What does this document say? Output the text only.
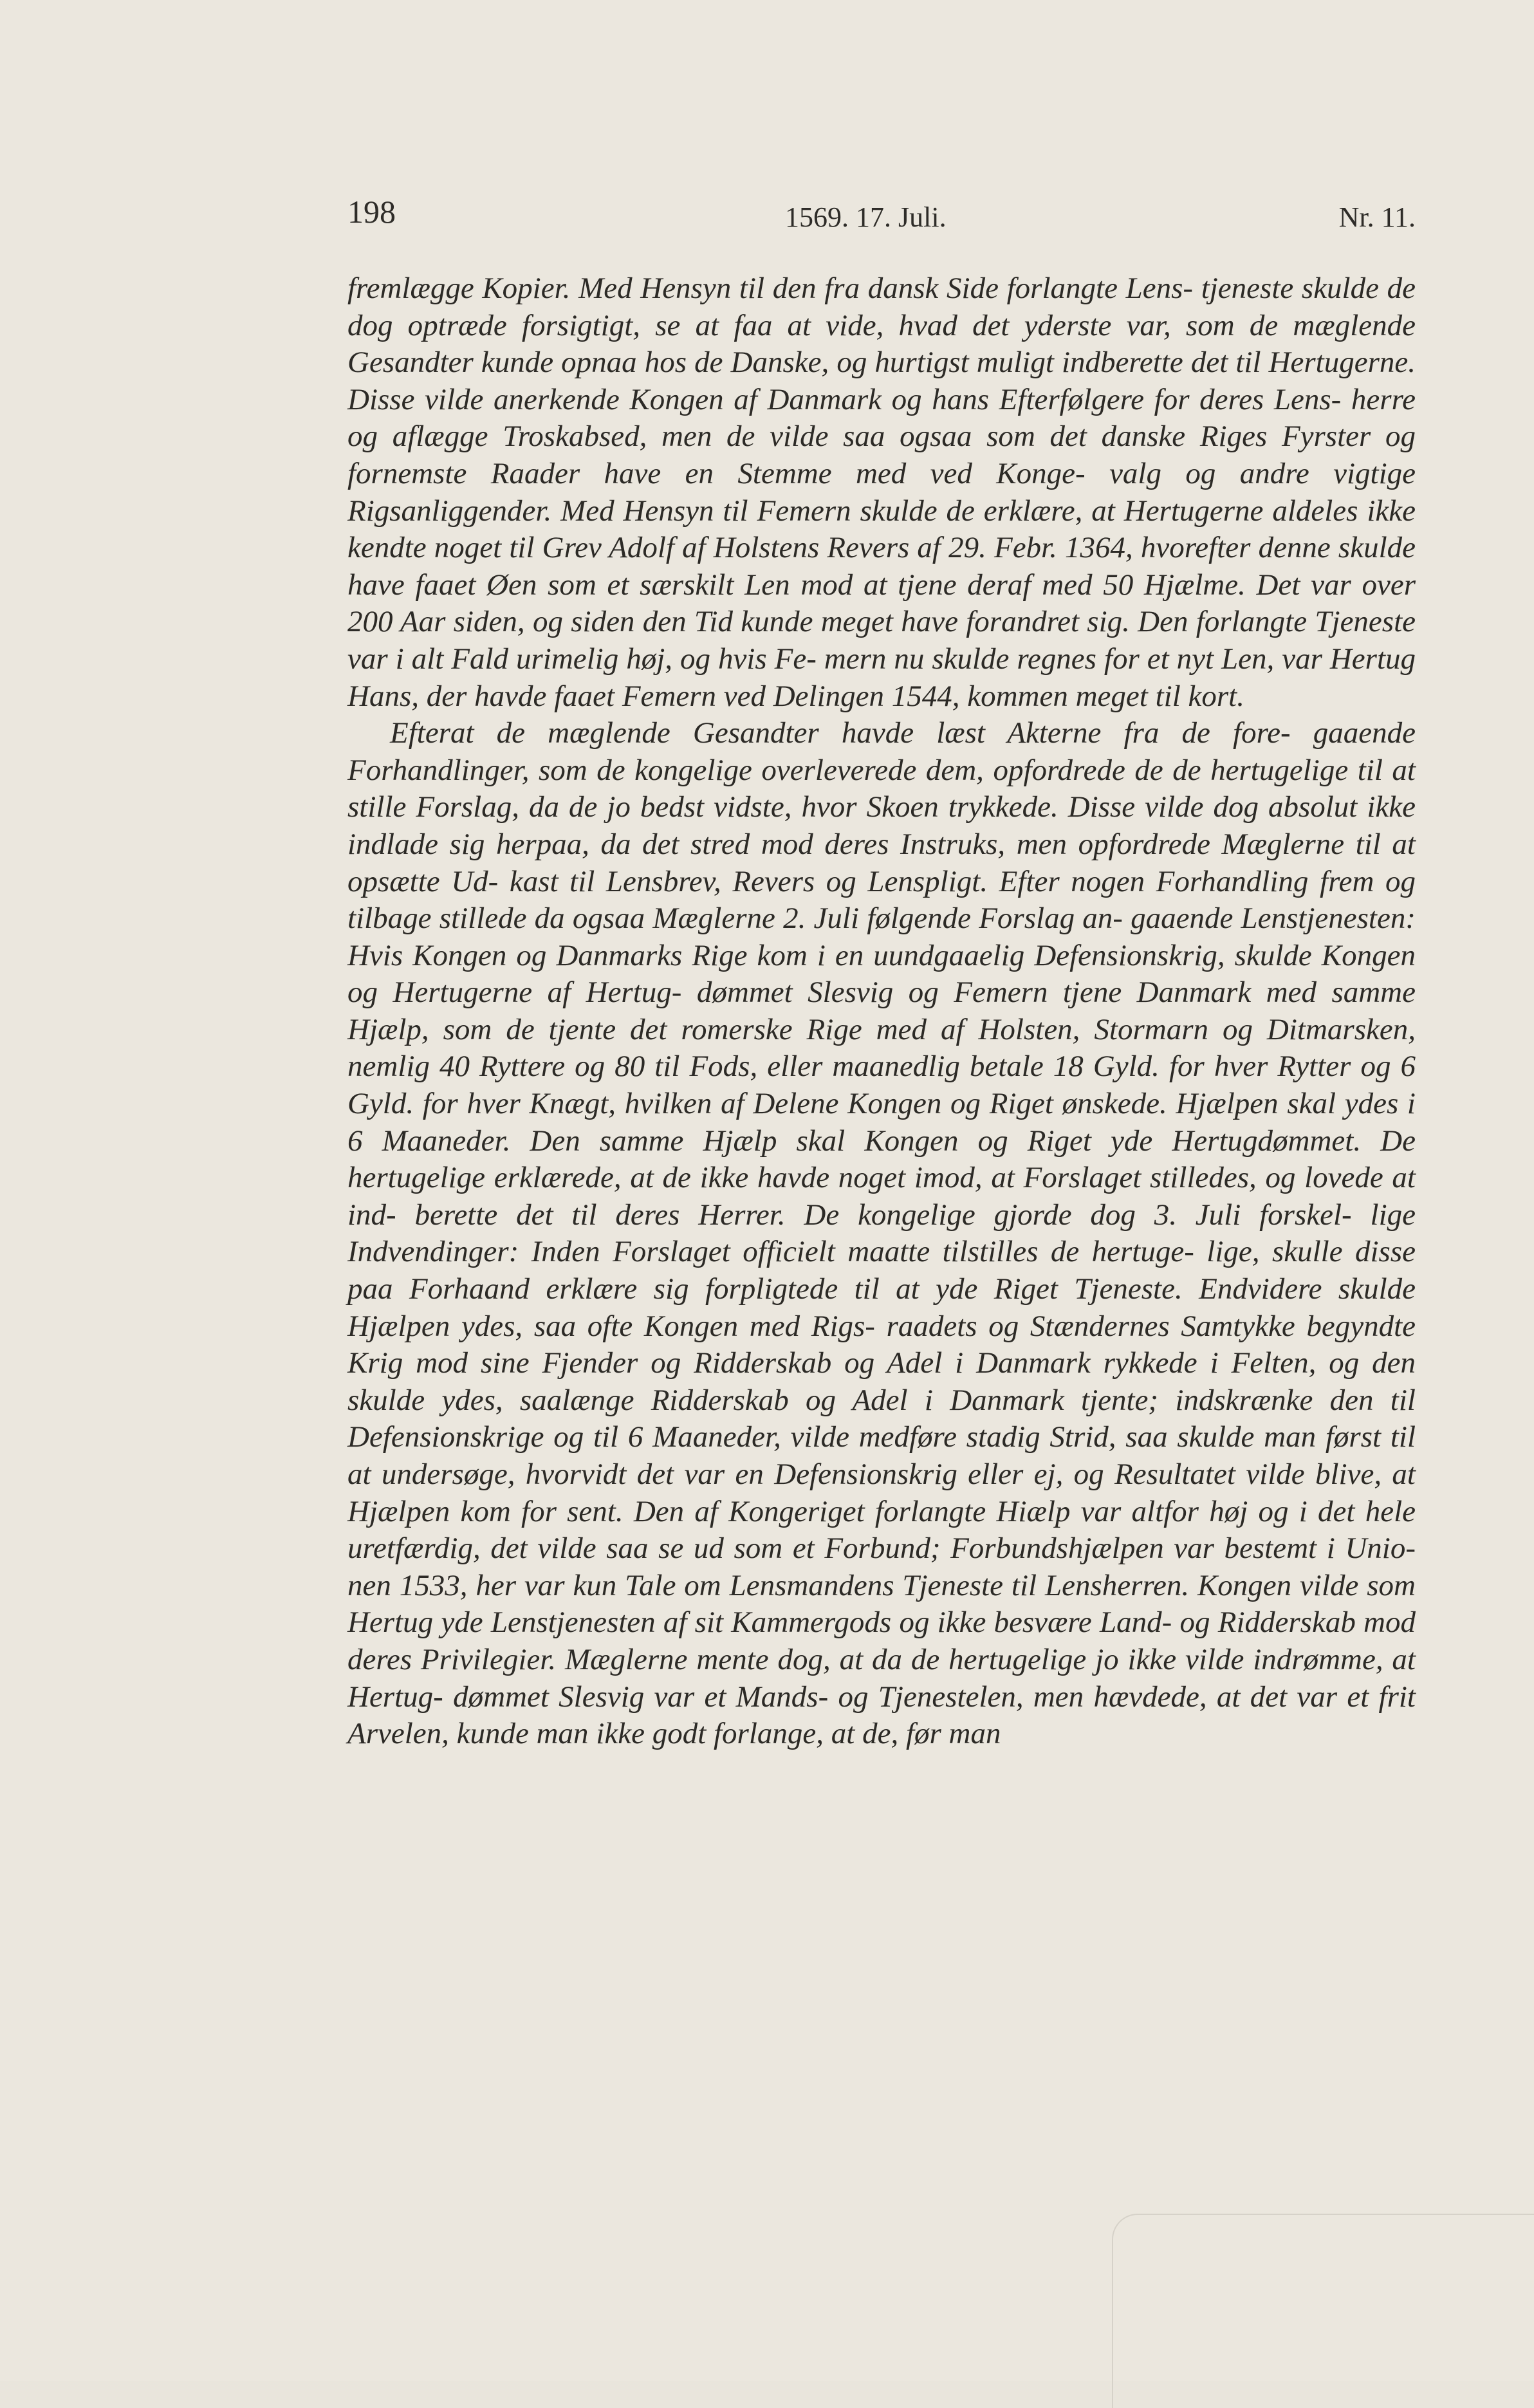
198	1569. 17. Juli.	Nr. 11.

fremlægge Kopier. Med Hensyn til den fra dansk Side forlangte Lens- tjeneste skulde de dog optræde forsigtigt, se at faa at vide, hvad det yderste var, som de mæglende Gesandter kunde opnaa hos de Danske, og hurtigst muligt indberette det til Hertugerne. Disse vilde anerkende Kongen af Danmark og hans Efterfølgere for deres Lens- herre og aflægge Troskabsed, men de vilde saa ogsaa som det danske Riges Fyrster og fornemste Raader have en Stemme med ved Konge- valg og andre vigtige Rigsanliggender. Med Hensyn til Femern skulde de erklære, at Hertugerne aldeles ikke kendte noget til Grev Adolf af Holstens Revers af 29. Febr. 1364, hvorefter denne skulde have faaet Øen som et særskilt Len mod at tjene deraf med 50 Hjælme. Det var over 200 Aar siden, og siden den Tid kunde meget have forandret sig. Den forlangte Tjeneste var i alt Fald urimelig høj, og hvis Fe- mern nu skulde regnes for et nyt Len, var Hertug Hans, der havde faaet Femern ved Delingen 1544, kommen meget til kort.

Efterat de mæglende Gesandter havde læst Akterne fra de fore- gaaende Forhandlinger, som de kongelige overleverede dem, opfordrede de de hertugelige til at stille Forslag, da de jo bedst vidste, hvor Skoen trykkede. Disse vilde dog absolut ikke indlade sig herpaa, da det stred mod deres Instruks, men opfordrede Mæglerne til at opsætte Ud- kast til Lensbrev, Revers og Lenspligt. Efter nogen Forhandling frem og tilbage stillede da ogsaa Mæglerne 2. Juli følgende Forslag an- gaaende Lenstjenesten: Hvis Kongen og Danmarks Rige kom i en uundgaaelig Defensionskrig, skulde Kongen og Hertugerne af Hertug- dømmet Slesvig og Femern tjene Danmark med samme Hjælp, som de tjente det romerske Rige med af Holsten, Stormarn og Ditmarsken, nemlig 40 Ryttere og 80 til Fods, eller maanedlig betale 18 Gyld. for hver Rytter og 6 Gyld. for hver Knægt, hvilken af Delene Kongen og Riget ønskede. Hjælpen skal ydes i 6 Maaneder. Den samme Hjælp skal Kongen og Riget yde Hertugdømmet. De hertugelige erklærede, at de ikke havde noget imod, at Forslaget stilledes, og lovede at ind- berette det til deres Herrer. De kongelige gjorde dog 3. Juli forskel- lige Indvendinger: Inden Forslaget officielt maatte tilstilles de hertuge- lige, skulle disse paa Forhaand erklære sig forpligtede til at yde Riget Tjeneste. Endvidere skulde Hjælpen ydes, saa ofte Kongen med Rigs- raadets og Stændernes Samtykke begyndte Krig mod sine Fjender og Ridderskab og Adel i Danmark rykkede i Felten, og den skulde ydes, saalænge Ridderskab og Adel i Danmark tjente; indskrænke den til Defensionskrige og til 6 Maaneder, vilde medføre stadig Strid, saa skulde man først til at undersøge, hvorvidt det var en Defensionskrig eller ej, og Resultatet vilde blive, at Hjælpen kom for sent. Den af Kongeriget forlangte Hiælp var altfor høj og i det hele uretfærdig, det vilde saa se ud som et Forbund; Forbundshjælpen var bestemt i Unio- nen 1533, her var kun Tale om Lensmandens Tjeneste til Lensherren. Kongen vilde som Hertug yde Lenstjenesten af sit Kammergods og ikke besvære Land- og Ridderskab mod deres Privilegier. Mæglerne mente dog, at da de hertugelige jo ikke vilde indrømme, at Hertug- dømmet Slesvig var et Mands- og Tjenestelen, men hævdede, at det var et frit Arvelen, kunde man ikke godt forlange, at de, før man
